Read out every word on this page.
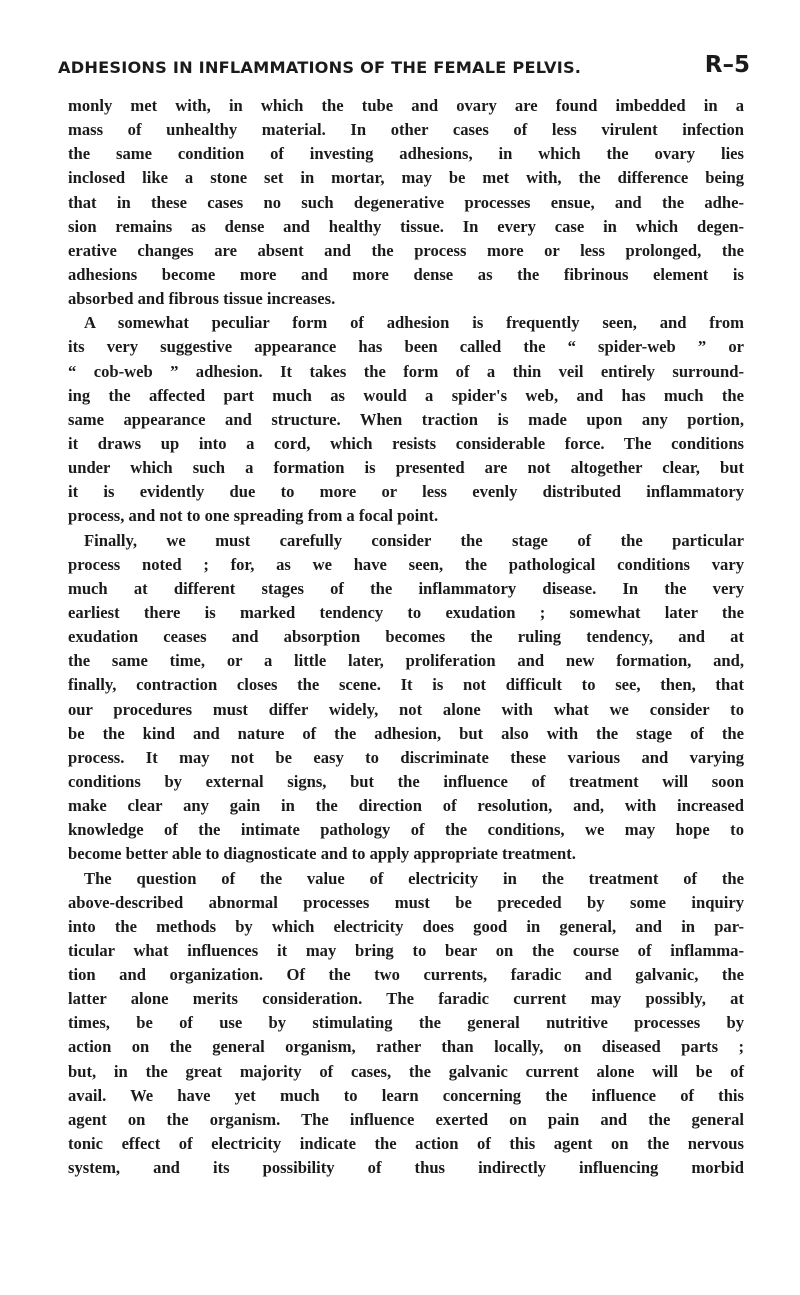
ADHESIONS IN INFLAMMATIONS OF THE FEMALE PELVIS.	R–5
monly met with, in which the tube and ovary are found imbedded in a
mass of unhealthy material. In other cases of less virulent infection
the same condition of investing adhesions, in which the ovary lies
inclosed like a stone set in mortar, may be met with, the difference being
that in these cases no such degenerative processes ensue, and the adhe-
sion remains as dense and healthy tissue. In every case in which degen-
erative changes are absent and the process more or less prolonged, the
adhesions become more and more dense as the fibrinous element is
absorbed and fibrous tissue increases.
A somewhat peculiar form of adhesion is frequently seen, and from
its very suggestive appearance has been called the “ spider-web ” or
“ cob-web ” adhesion. It takes the form of a thin veil entirely surround-
ing the affected part much as would a spider's web, and has much the
same appearance and structure. When traction is made upon any portion,
it draws up into a cord, which resists considerable force. The conditions
under which such a formation is presented are not altogether clear, but
it is evidently due to more or less evenly distributed inflammatory
process, and not to one spreading from a focal point.
Finally, we must carefully consider the stage of the particular
process noted ; for, as we have seen, the pathological conditions vary
much at different stages of the inflammatory disease. In the very
earliest there is marked tendency to exudation ; somewhat later the
exudation ceases and absorption becomes the ruling tendency, and at
the same time, or a little later, proliferation and new formation, and,
finally, contraction closes the scene. It is not difficult to see, then, that
our procedures must differ widely, not alone with what we consider to
be the kind and nature of the adhesion, but also with the stage of the
process. It may not be easy to discriminate these various and varying
conditions by external signs, but the influence of treatment will soon
make clear any gain in the direction of resolution, and, with increased
knowledge of the intimate pathology of the conditions, we may hope to
become better able to diagnosticate and to apply appropriate treatment.
The question of the value of electricity in the treatment of the
above-described abnormal processes must be preceded by some inquiry
into the methods by which electricity does good in general, and in par-
ticular what influences it may bring to bear on the course of inflamma-
tion and organization. Of the two currents, faradic and galvanic, the
latter alone merits consideration. The faradic current may possibly, at
times, be of use by stimulating the general nutritive processes by
action on the general organism, rather than locally, on diseased parts ;
but, in the great majority of cases, the galvanic current alone will be of
avail. We have yet much to learn concerning the influence of this
agent on the organism. The influence exerted on pain and the general
tonic effect of electricity indicate the action of this agent on the nervous
system, and its possibility of thus indirectly influencing morbid
